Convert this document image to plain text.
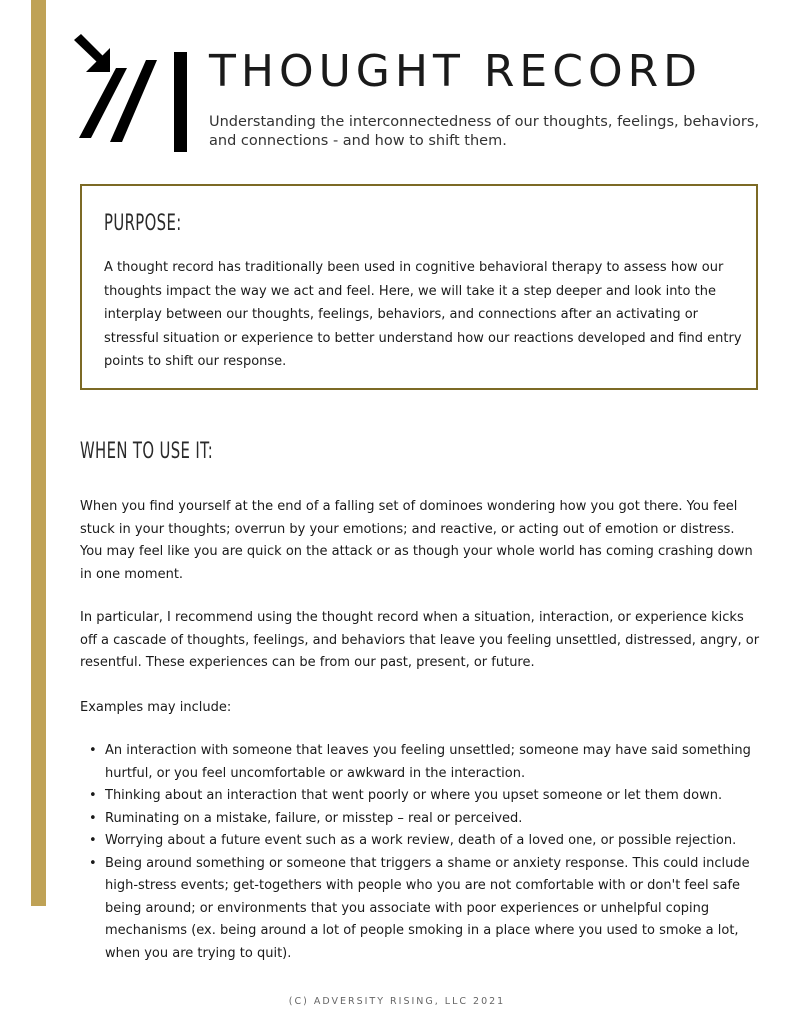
THOUGHT RECORD
Understanding the interconnectedness of our thoughts, feelings, behaviors, and connections - and how to shift them.
PURPOSE:

A thought record has traditionally been used in cognitive behavioral therapy to assess how our thoughts impact the way we act and feel. Here, we will take it a step deeper and look into the interplay between our thoughts, feelings, behaviors, and connections after an activating or stressful situation or experience to better understand how our reactions developed and find entry points to shift our response.

WHEN TO USE IT:

When you find yourself at the end of a falling set of dominoes wondering how you got there. You feel stuck in your thoughts; overrun by your emotions; and reactive, or acting out of emotion or distress. You may feel like you are quick on the attack or as though your whole world has coming crashing down in one moment.

In particular, I recommend using the thought record when a situation, interaction, or experience kicks off a cascade of thoughts, feelings, and behaviors that leave you feeling unsettled, distressed, angry, or resentful. These experiences can be from our past, present, or future.

Examples may include:

• An interaction with someone that leaves you feeling unsettled; someone may have said something hurtful, or you feel uncomfortable or awkward in the interaction.
• Thinking about an interaction that went poorly or where you upset someone or let them down.
• Ruminating on a mistake, failure, or misstep – real or perceived.
• Worrying about a future event such as a work review, death of a loved one, or possible rejection.
• Being around something or someone that triggers a shame or anxiety response. This could include high-stress events; get-togethers with people who you are not comfortable with or don't feel safe being around; or environments that you associate with poor experiences or unhelpful coping mechanisms (ex. being around a lot of people smoking in a place where you used to smoke a lot, when you are trying to quit).
(C) ADVERSITY RISING, LLC 2021
